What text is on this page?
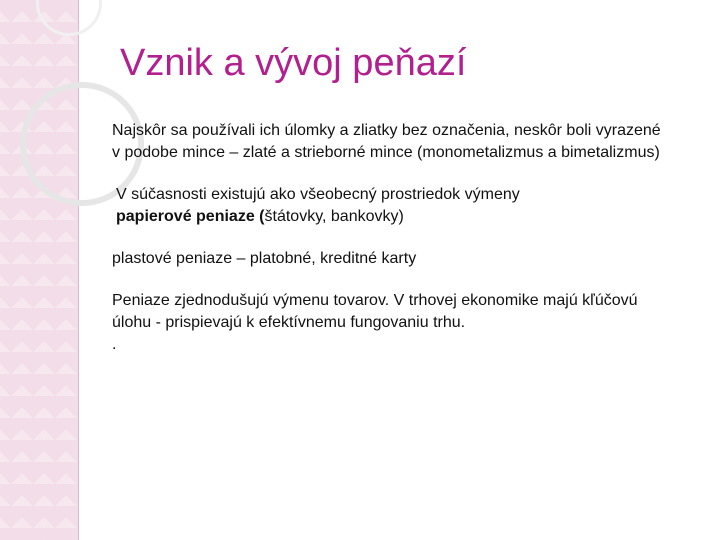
Vznik a vývoj peňazí

Najskôr sa používali ich úlomky a zliatky bez označenia, neskôr boli vyrazené v podobe mince – zlaté a strieborné mince (monometalizmus a bimetalizmus)

V súčasnosti existujú ako všeobecný prostriedok výmeny
papierové peniaze (štátovky, bankovky)

plastové peniaze – platobné, kreditné karty

Peniaze zjednodušujú výmenu tovarov. V trhovej ekonomike majú kľúčovú úlohu - prispievajú k efektívnemu fungovaniu trhu.

.
